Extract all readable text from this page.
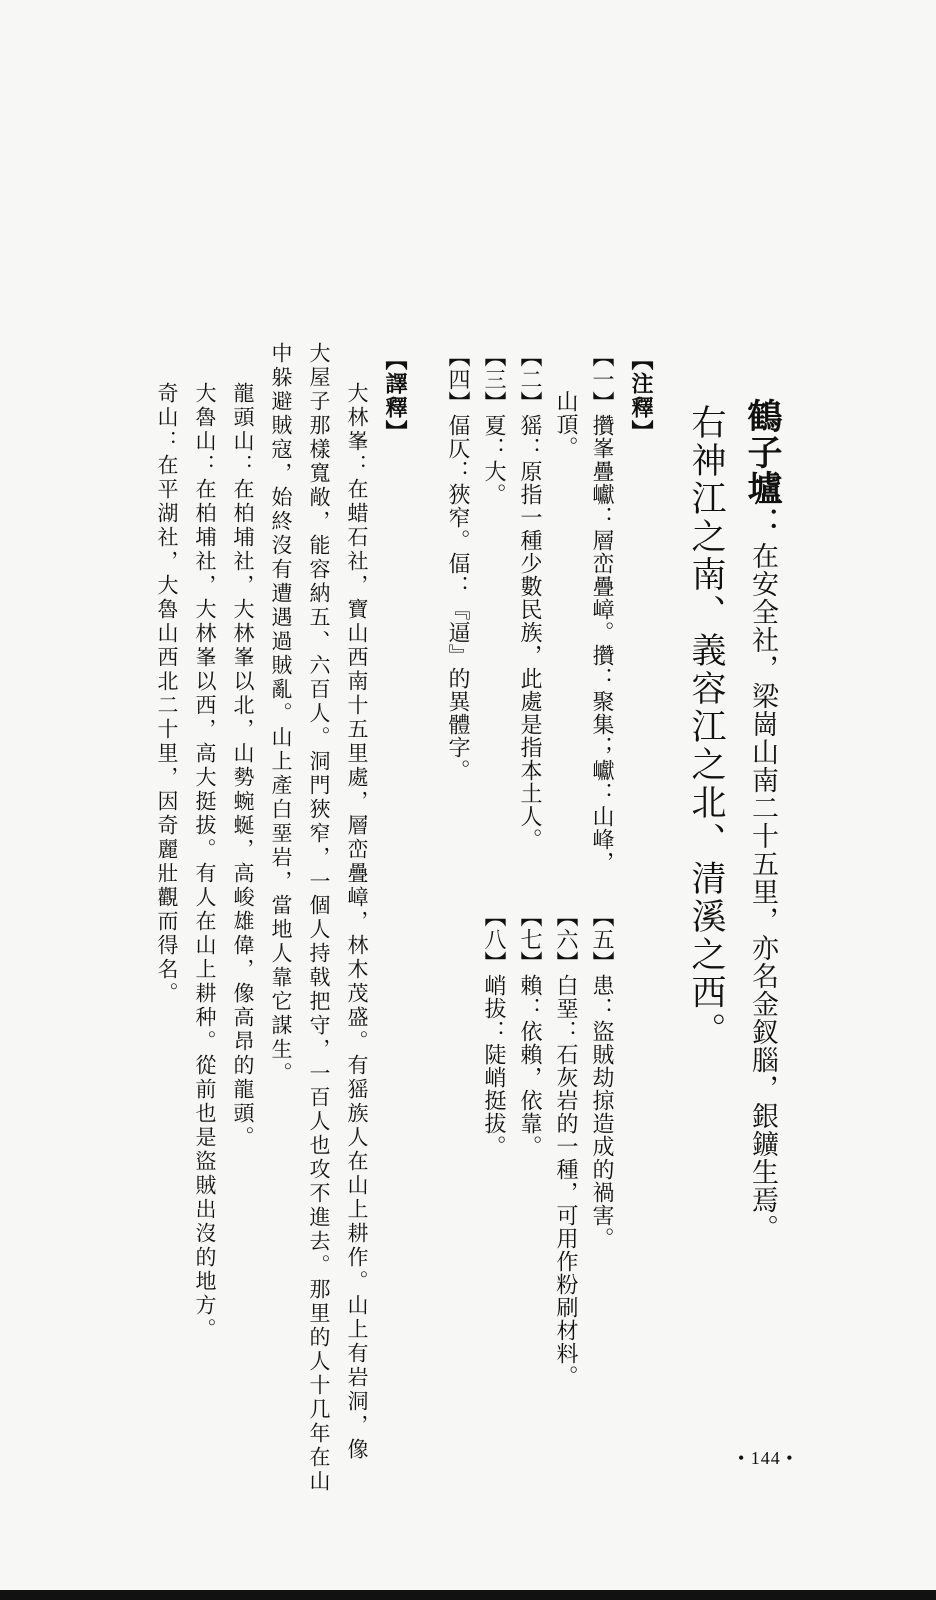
鶴子壚：在安全社，梁崗山南二十五里，亦名金釵腦，銀鑛生焉。
右神江之南、義容江之北、清溪之西。
【注釋】
【一】攢峯疊巘：層峦疊嶂。攢：聚集；巘：山峰，
山頂。
【二】猺：原指一種少數民族，此處是指本土人。
【三】夏：大。
【四】偪仄：狹窄。偪：『逼』的異體字。
【五】患：盜賊劫掠造成的禍害。
【六】白堊：石灰岩的一種，可用作粉刷材料。
【七】賴：依賴，依靠。
【八】峭拔：陡峭挺拔。
【譯釋】
大林峯：在蜡石社，寶山西南十五里處，層峦疊嶂，林木茂盛。有猺族人在山上耕作。山上有岩洞，像
大屋子那樣寬敞，能容納五、六百人。洞門狹窄，一個人持戟把守，一百人也攻不進去。那里的人十几年在山
中躲避賊寇，始終沒有遭遇過賊亂。山上產白堊岩，當地人靠它謀生。
龍頭山：在柏埔社，大林峯以北，山勢蜿蜒，高峻雄偉，像高昂的龍頭。
大魯山：在柏埔社，大林峯以西，高大挺拔。有人在山上耕种。從前也是盜賊出沒的地方。
奇山：在平湖社，大魯山西北二十里，因奇麗壯觀而得名。
• 144 •
